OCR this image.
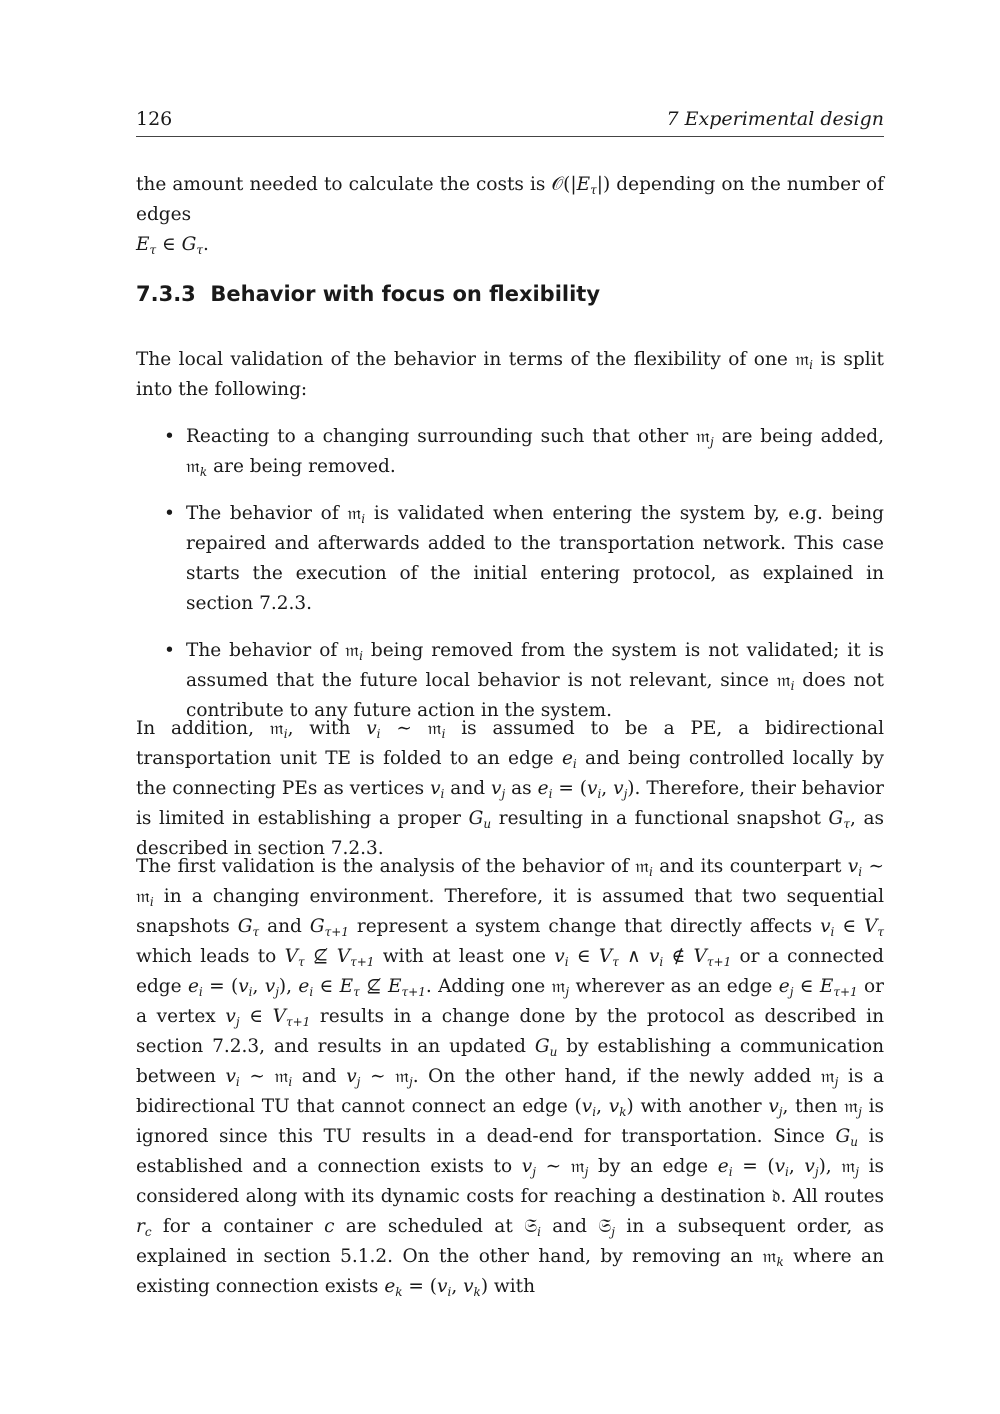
126	7 Experimental design

the amount needed to calculate the costs is $𝒪(|E_\tau|)$ depending on the number of edges
$E_\tau$ ∈ $G_\tau$.

7.3.3 Behavior with focus on flexibility

The local validation of the behavior in terms of the flexibility of one 𝔪$_i$ is split into the following:

• Reacting to a changing surrounding such that other 𝔪$_j$ are being added, 𝔪$_k$ are being removed.
• The behavior of 𝔪$_i$ is validated when entering the system by, e.g. being repaired and afterwards added to the transportation network. This case starts the execution of the initial entering protocol, as explained in section 7.2.3.
• The behavior of 𝔪$_i$ being removed from the system is not validated; it is assumed that the future local behavior is not relevant, since 𝔪$_i$ does not contribute to any future action in the system.

In addition, 𝔪$_i$, with $v_i$ ∼ 𝔪$_i$ is assumed to be a PE, a bidirectional transportation unit TE is folded to an edge $e_i$ and being controlled locally by the connecting PEs as vertices $v_i$ and $v_j$ as $e_i = (v_i$, $v_j$). Therefore, their behavior is limited in establishing a proper $G_u$ resulting in a functional snapshot $G_\tau$, as described in section 7.2.3.

The first validation is the analysis of the behavior of 𝔪$_i$ and its counterpart $v_i$ ∼ 𝔪$_i$ in a changing environment. Therefore, it is assumed that two sequential snapshots $G_\tau$ and $G_{\tau+1}$ represent a system change that directly affects $v_i$ ∈ $V_\tau$ which leads to $V_\tau$ ⊈ $V_{\tau+1}$ with at least one $v_i$ ∈ $V_\tau$ ∧ $v_i$ ∉ $V_{\tau+1}$ or a connected edge $e_i = (v_i$, $v_j$), $e_i$ ∈ $E_\tau$ ⊈ $E_{\tau+1}$. Adding one 𝔪$_j$ wherever as an edge $e_j$ ∈ $E_{\tau+1}$ or a vertex $v_j$ ∈ $V_{\tau+1}$ results in a change done by the protocol as described in section 7.2.3, and results in an updated $G_u$ by establishing a communication between $v_i$ ∼ 𝔪$_i$ and $v_j$ ∼ 𝔪$_j$. On the other hand, if the newly added 𝔪$_j$ is a bidirectional TU that cannot connect an edge ($v_i$, $v_k$) with another $v_j$, then 𝔪$_j$ is ignored since this TU results in a dead-end for transportation. Since $G_u$ is established and a connection exists to $v_j$ ∼ 𝔪$_j$ by an edge $e_i = (v_i$, $v_j$), 𝔪$_j$ is considered along with its dynamic costs for reaching a destination 𝔡. All routes $r_c$ for a container c are scheduled at 𝔖$_i$ and 𝔖$_j$ in a subsequent order, as explained in section 5.1.2. On the other hand, by removing an 𝔪$_k$ where an existing connection exists $e_k = (v_i$, $v_k$) with
